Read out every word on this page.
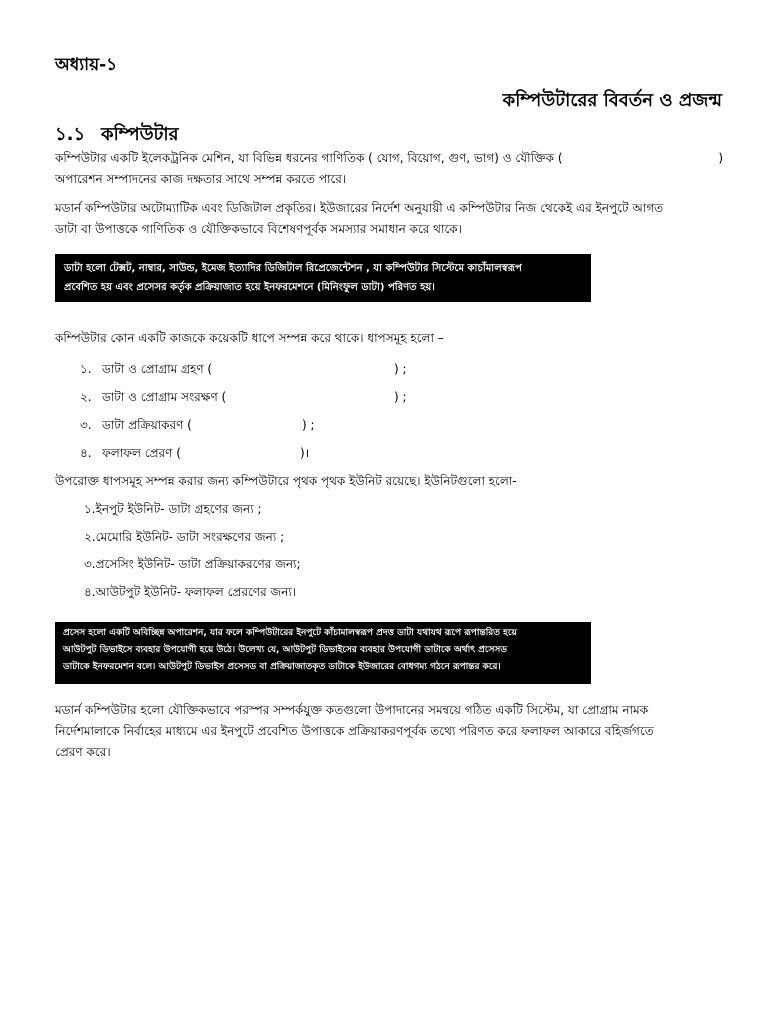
অধ্যায়-১
কম্পিউটারের বিবর্তন ও প্রজন্ম
১.১ কম্পিউটার
কম্পিউটার একটি ইলেকট্রনিক মেশিন, যা বিভিন্ন ধরনের গাণিতিক ( যোগ, বিয়োগ, গুণ, ভাগ) ও যৌক্তিক (	)
অপারেশন সম্পাদনের কাজ দক্ষতার সাথে সম্পন্ন করতে পারে।
মডার্ন কম্পিউটার অটোম্যাটিক এবং ডিজিটাল প্রকৃতির। ইউজারের নির্দেশ অনুযায়ী এ কম্পিউটার নিজ থেকেই এর ইনপুটে আগত
ডাটা বা উপাত্তকে গাণিতিক ও যৌক্তিকভাবে বিশেষণপূর্বক সমস্যার সমাধান করে থাকে।
ডাটা হলো টেক্সট, নাম্বার, সাউন্ড, ইমেজ ইত্যাদির ডিজিটাল রিপ্রেজেন্টেশন , যা কম্পিউটার সিস্টেমে কাচাঁমালস্বরূপ
প্রবেশিত হয় এবং প্রসেসর কর্তৃক প্রক্রিয়াজাত হয়ে ইনফরমেশনে (মিনিংফুল ডাটা) পরিণত হয়।
কম্পিউটার কোন একটি কাজকে কয়েকটি ধাপে সম্পন্ন করে থাকে। ধাপসমূহ হলো –
১. ডাটা ও প্রোগ্রাম গ্রহণ (	) ;
২. ডাটা ও প্রোগ্রাম সংরক্ষণ (	) ;
৩. ডাটা প্রক্রিয়াকরণ (	) ;
৪. ফলাফল প্রেরণ (	)।
উপরোক্ত ধাপসমূহ সম্পন্ন করার জন্য কম্পিউটারে পৃথক পৃথক ইউনিট রয়েছে। ইউনিটগুলো হলো-
১.ইনপুট ইউনিট- ডাটা গ্রহণের জন্য ;
২.মেমোরি ইউনিট- ডাটা সংরক্ষণের জন্য ;
৩.প্রসেসিং ইউনিট- ডাটা প্রক্রিয়াকরণের জন্য;
৪.আউটপুট ইউনিট- ফলাফল প্রেরণের জন্য।
প্রসেস হলো একটি অবিচ্ছিন্ন অপারেশন, যার ফলে কম্পিউটারের ইনপুটে কাঁচামালস্বরূপ প্রদত্ত ডাটা যথাযথ রূপে রূপান্তরিত হয়ে
আউটপুট ডিভাইসে ব্যবহার উপযোগী হয়ে উঠে। উলেখ্য যে, আউটপুট ডিভাইসের ব্যবহার উপযোগী ডাটাকে অর্থাৎ প্রসেসড
ডাটাকে ইনফরমেশন বলে। আউটপুট ডিভাইস প্রসেসড বা প্রক্রিয়াজাতকৃত ডাটাকে ইউজারের বোধগম্য গঠনে রূপান্তর করে।
মডার্ন কম্পিউটার হলো যৌক্তিকভাবে পরস্পর সম্পর্কযুক্ত কতগুলো উপাদানের সমন্বয়ে গঠিত একটি সিস্টেম, যা প্রোগ্রাম নামক
নির্দেশমালাকে নির্বাহের মাধ্যমে এর ইনপুটে প্রবেশিত উপাত্তকে প্রক্রিয়াকরণপূর্বক তথ্যে পরিণত করে ফলাফল আকারে বহির্জগতে
প্রেরণ করে।
